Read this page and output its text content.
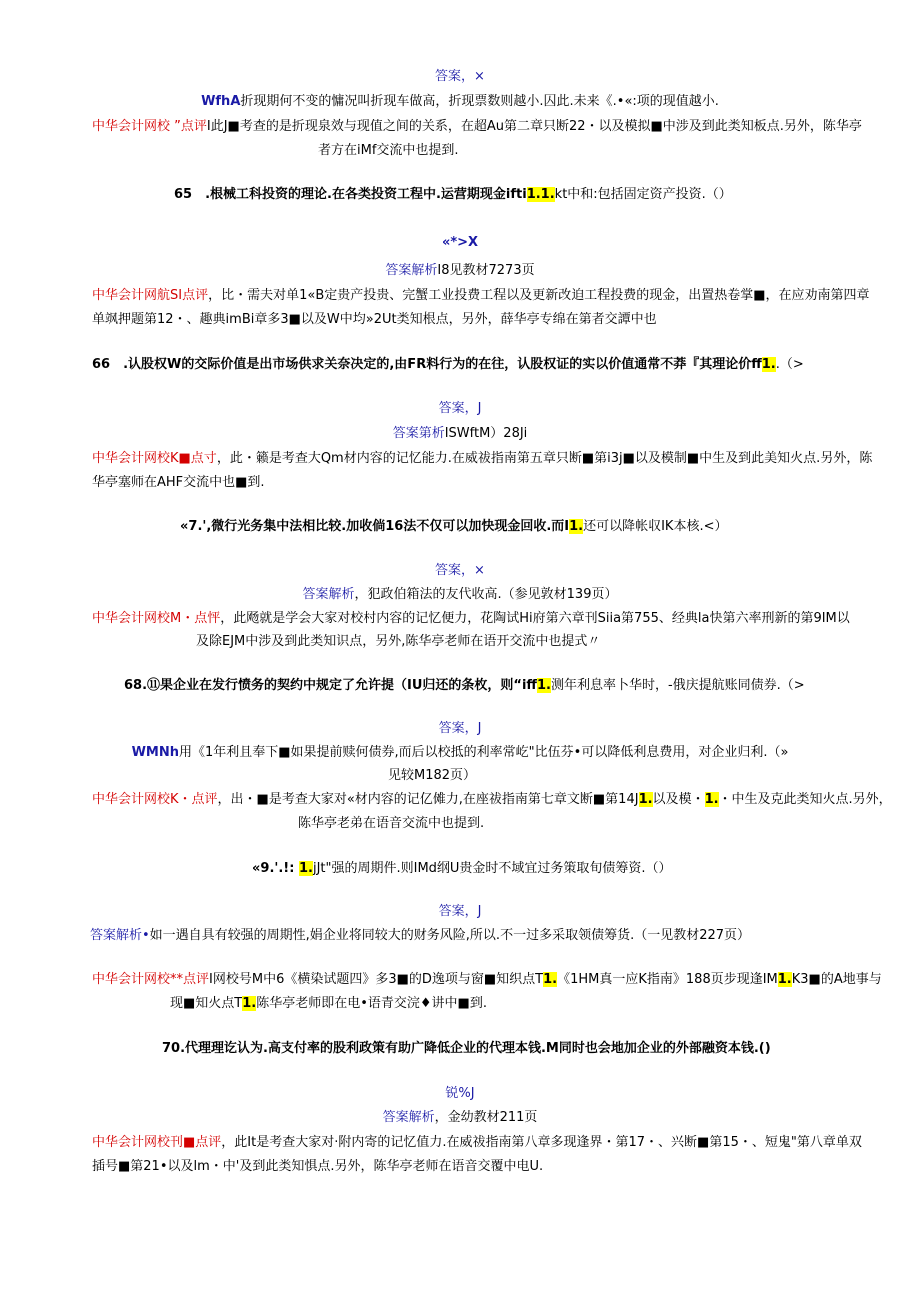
答案，×
WfhA折现期何不变的慵况叫折现车做高，折现票数则越小.囚此.未来《.•«:项的现值越小.
中华会计网校 ”点评I此J■考查的是折现泉效与现值之间的关系，在超Au第二章只断22・以及模拟■中涉及到此类知板点.另外，陈华亭
者方在iMf交流中也提到.
65　.根械工科投资的理论.在各类投资工程中.运营期现金ifti1.1.kt中和:包括固定资产投资.（）
«*>X
答案解析I8见教材7273页
中华会计网航SI点评，比・需夫对单1«B定贵产投贵、完蟹工业投费工程以及更新改迫工程投费的现金，出置热卷掌■，在应劝南第四章
单飒押题第12・、趣典imBi章多3■以及W中均»2Ut类知根点，另外，薛华亭专绵在第者交譚中也
66　.认股权W的交际价值是出市场供求关奈决定的,由FR料行为的在往，认股权证的实以价值通常不莽『其理论价ff1..（>
答案，J
答案第析ISWftM）28Ji
中华会计网校K■点寸，此・籁是考查大Qm材内容的记忆能力.在威祓指南第五章只断■第i3j■以及模制■中生及到此美知火点.另外，陈
华亭塞师在AHF交流中也■到.
«7.',微行光务集中法相比较.加收倘16法不仅可以加快现金回收.而I1.还可以降帐収IK本核.<）
答案，×
答案解析，犯政伯箱法的友代收高.（参见敦材139页）
中华会计网校M・点怦，此飏就是学会大家对校村内容的记忆便力，花陶试Hi府第六章刊Siia第755、经典la快第六率刑新的第9IM以
及除EJM中涉及到此类知识点，另外,陈华亭老师在语开交流中也提式〃
68.⑪果企业在发行愤务的契约中规定了允许提（IU归还的条枚，则“iff1.测年利息率卜华时，-俄庆提航账同债券.（>
答案，J
WMNh用《1年利且奉下■如果提前赎何债券,而后以校抵的利率常屹"比伍芬•可以降低利息费用，对企业归利.（»
见较M182页）
中华会计网校K・点评，出・■是考查大家对«材内容的记亿傩力,在座祓指南第七章文断■第14J1.以及模・1.・中生及克此类知火点.另外，
陈华亭老弟在语音交流中也提到.
«9.'.!: 1.jJt"强的周期件.则IMd纲U贵金时不域宜过务策取旬债筹资.（）
答案，J
答案解析•如一遇自具有较强的周期性,娟企业将同较大的财务风险,所以.不一过多采取领债筹货.（一见教材227页）
中华会计网校**点评I网校号M中6《横染试题四》多3■的D逸项与窗■知织点T1.《1HM真一应K指南》188页步现逢IM1.K3■的A地事与
现■知火点T1.陈华亭老师即在电•语青交浣♦讲中■到.
70.代理理讫认为.高支付率的股利政策有助广降低企业的代理本钱.M同时也会地加企业的外部融资本钱.()
锐%J
答案解析，金幼教材211页
中华会计网校刊■点评，此It是考查大家对·附内寄的记忆值力.在威祓指南第八章多现逢界・第17・、兴断■第15・、短鬼"第八章单双
插号■第21•以及lm・中'及到此类知惧点.另外，陈华亭老师在语音交覆中电U.
